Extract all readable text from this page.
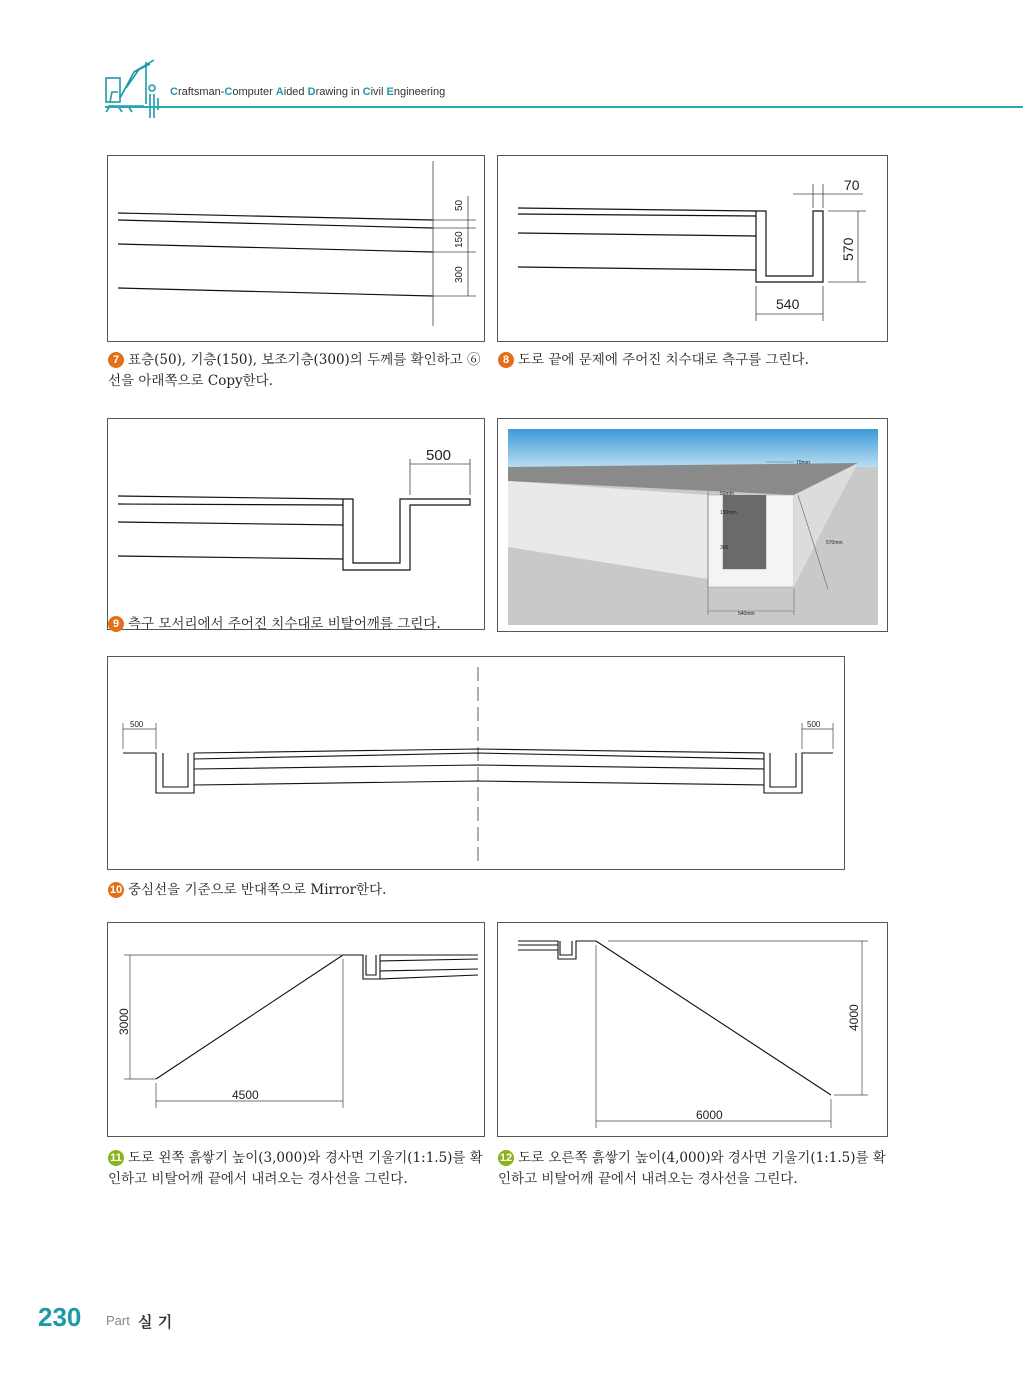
Craftsman-Computer Aided Drawing in Civil Engineering
50
150
300
70
570
540
7 표층(50), 기층(150), 보조기층(300)의 두께를 확인하고 ⑥선을 아래쪽으로 Copy한다.
8 도로 끝에 문제에 주어진 치수대로 측구를 그린다.
500	70mm
50mm
150mm
300
570mm
540mm
9 측구 모서리에서 주어진 치수대로 비탈어깨를 그린다.
500	500
10 중심선을 기준으로 반대쪽으로 Mirror한다.
3000
4500
4000
6000
11 도로 왼쪽 흙쌓기 높이(3,000)와 경사면 기울기(1:1.5)를 확인하고 비탈어깨 끝에서 내려오는 경사선을 그린다.
12 도로 오른쪽 흙쌓기 높이(4,000)와 경사면 기울기(1:1.5)를 확인하고 비탈어깨 끝에서 내려오는 경사선을 그린다.
230 Part 실 기
